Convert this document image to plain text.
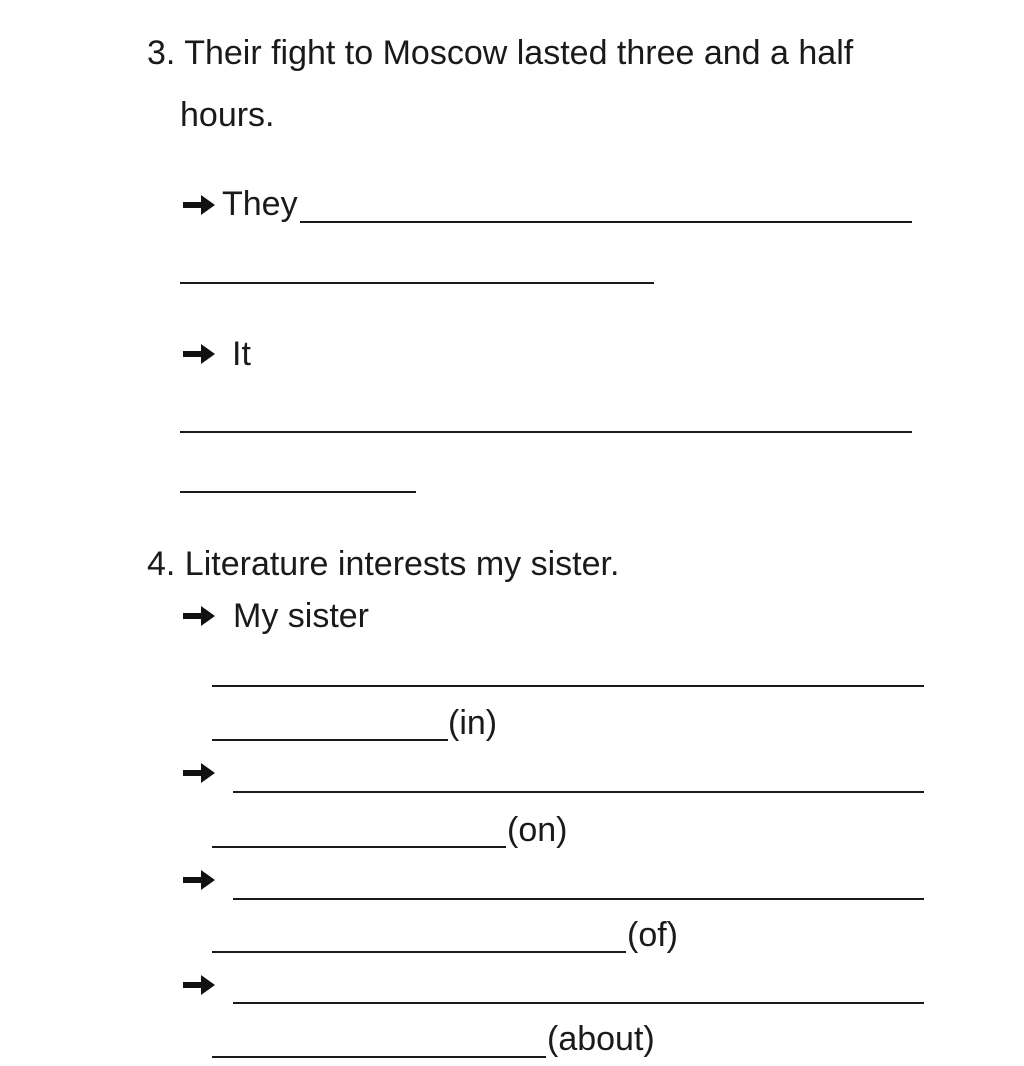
3. Their fight to Moscow lasted three and a half
hours.
They
It
4. Literature interests my sister.
My sister
(in)
(on)
(of)
(about)
